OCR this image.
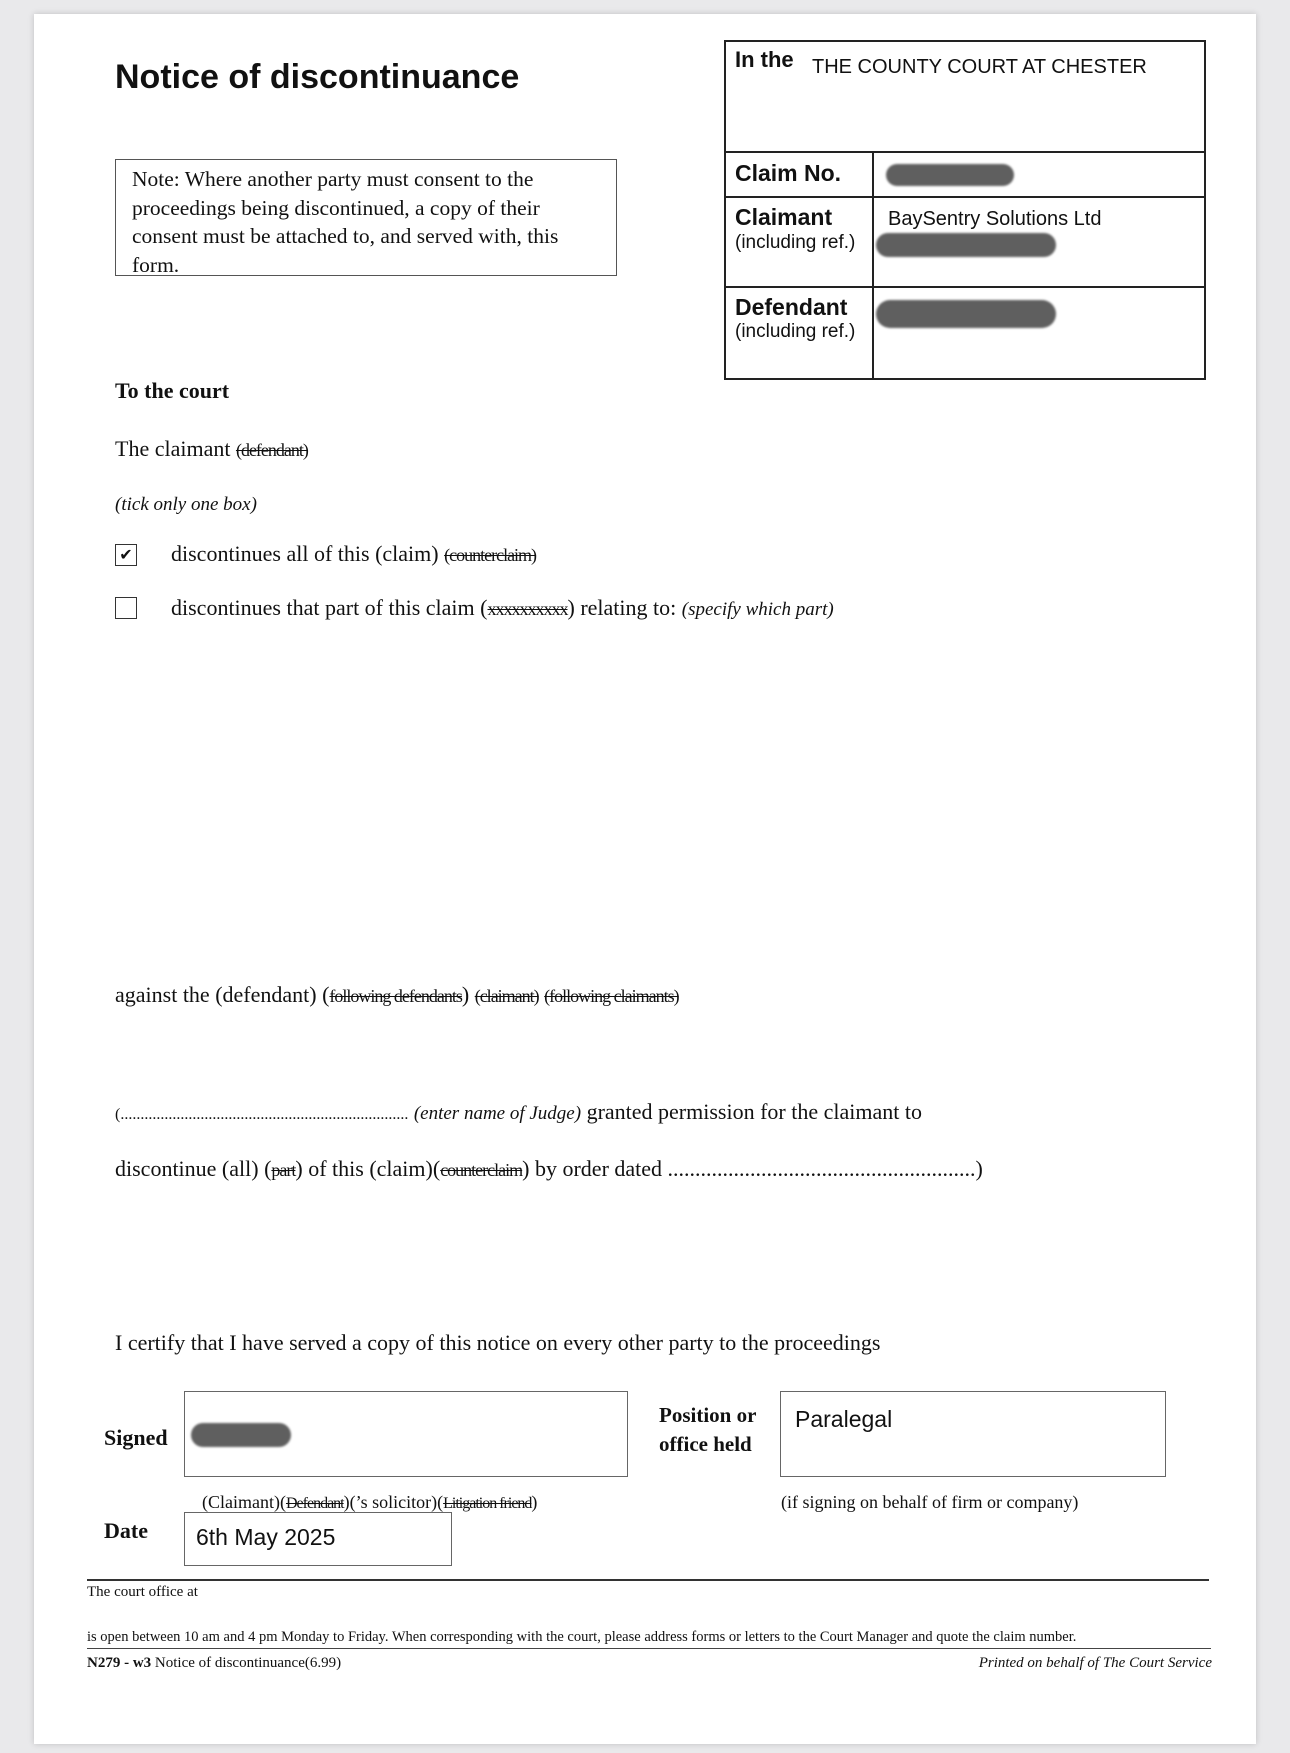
Notice of discontinuance
Note: Where another party must consent to the proceedings being discontinued, a copy of their consent must be attached to, and served with, this form.
In the THE COUNTY COURT AT CHESTER
Claim No.
Claimant
(including ref.)
BaySentry Solutions Ltd
Defendant
(including ref.)
To the court
The claimant (defendant)
(tick only one box)
✔ discontinues all of this (claim) (counterclaim)
discontinues that part of this claim (xxxxxxxxxx) relating to: (specify which part)
against the (defendant) (following defendants) (claimant) (following claimants)
(........................................................................ (enter name of Judge) granted permission for the claimant to
discontinue (all) (part) of this (claim)(counterclaim) by order dated ........................................................)
I certify that I have served a copy of this notice on every other party to the proceedings
Signed
(Claimant)(Defendant)(’s solicitor)(Litigation friend)
Position or
office held
Paralegal
(if signing on behalf of firm or company)
Date	6th May 2025
The court office at
is open between 10 am and 4 pm Monday to Friday. When corresponding with the court, please address forms or letters to the Court Manager and quote the claim number.
N279 - w3 Notice of discontinuance(6.99)	Printed on behalf of The Court Service
